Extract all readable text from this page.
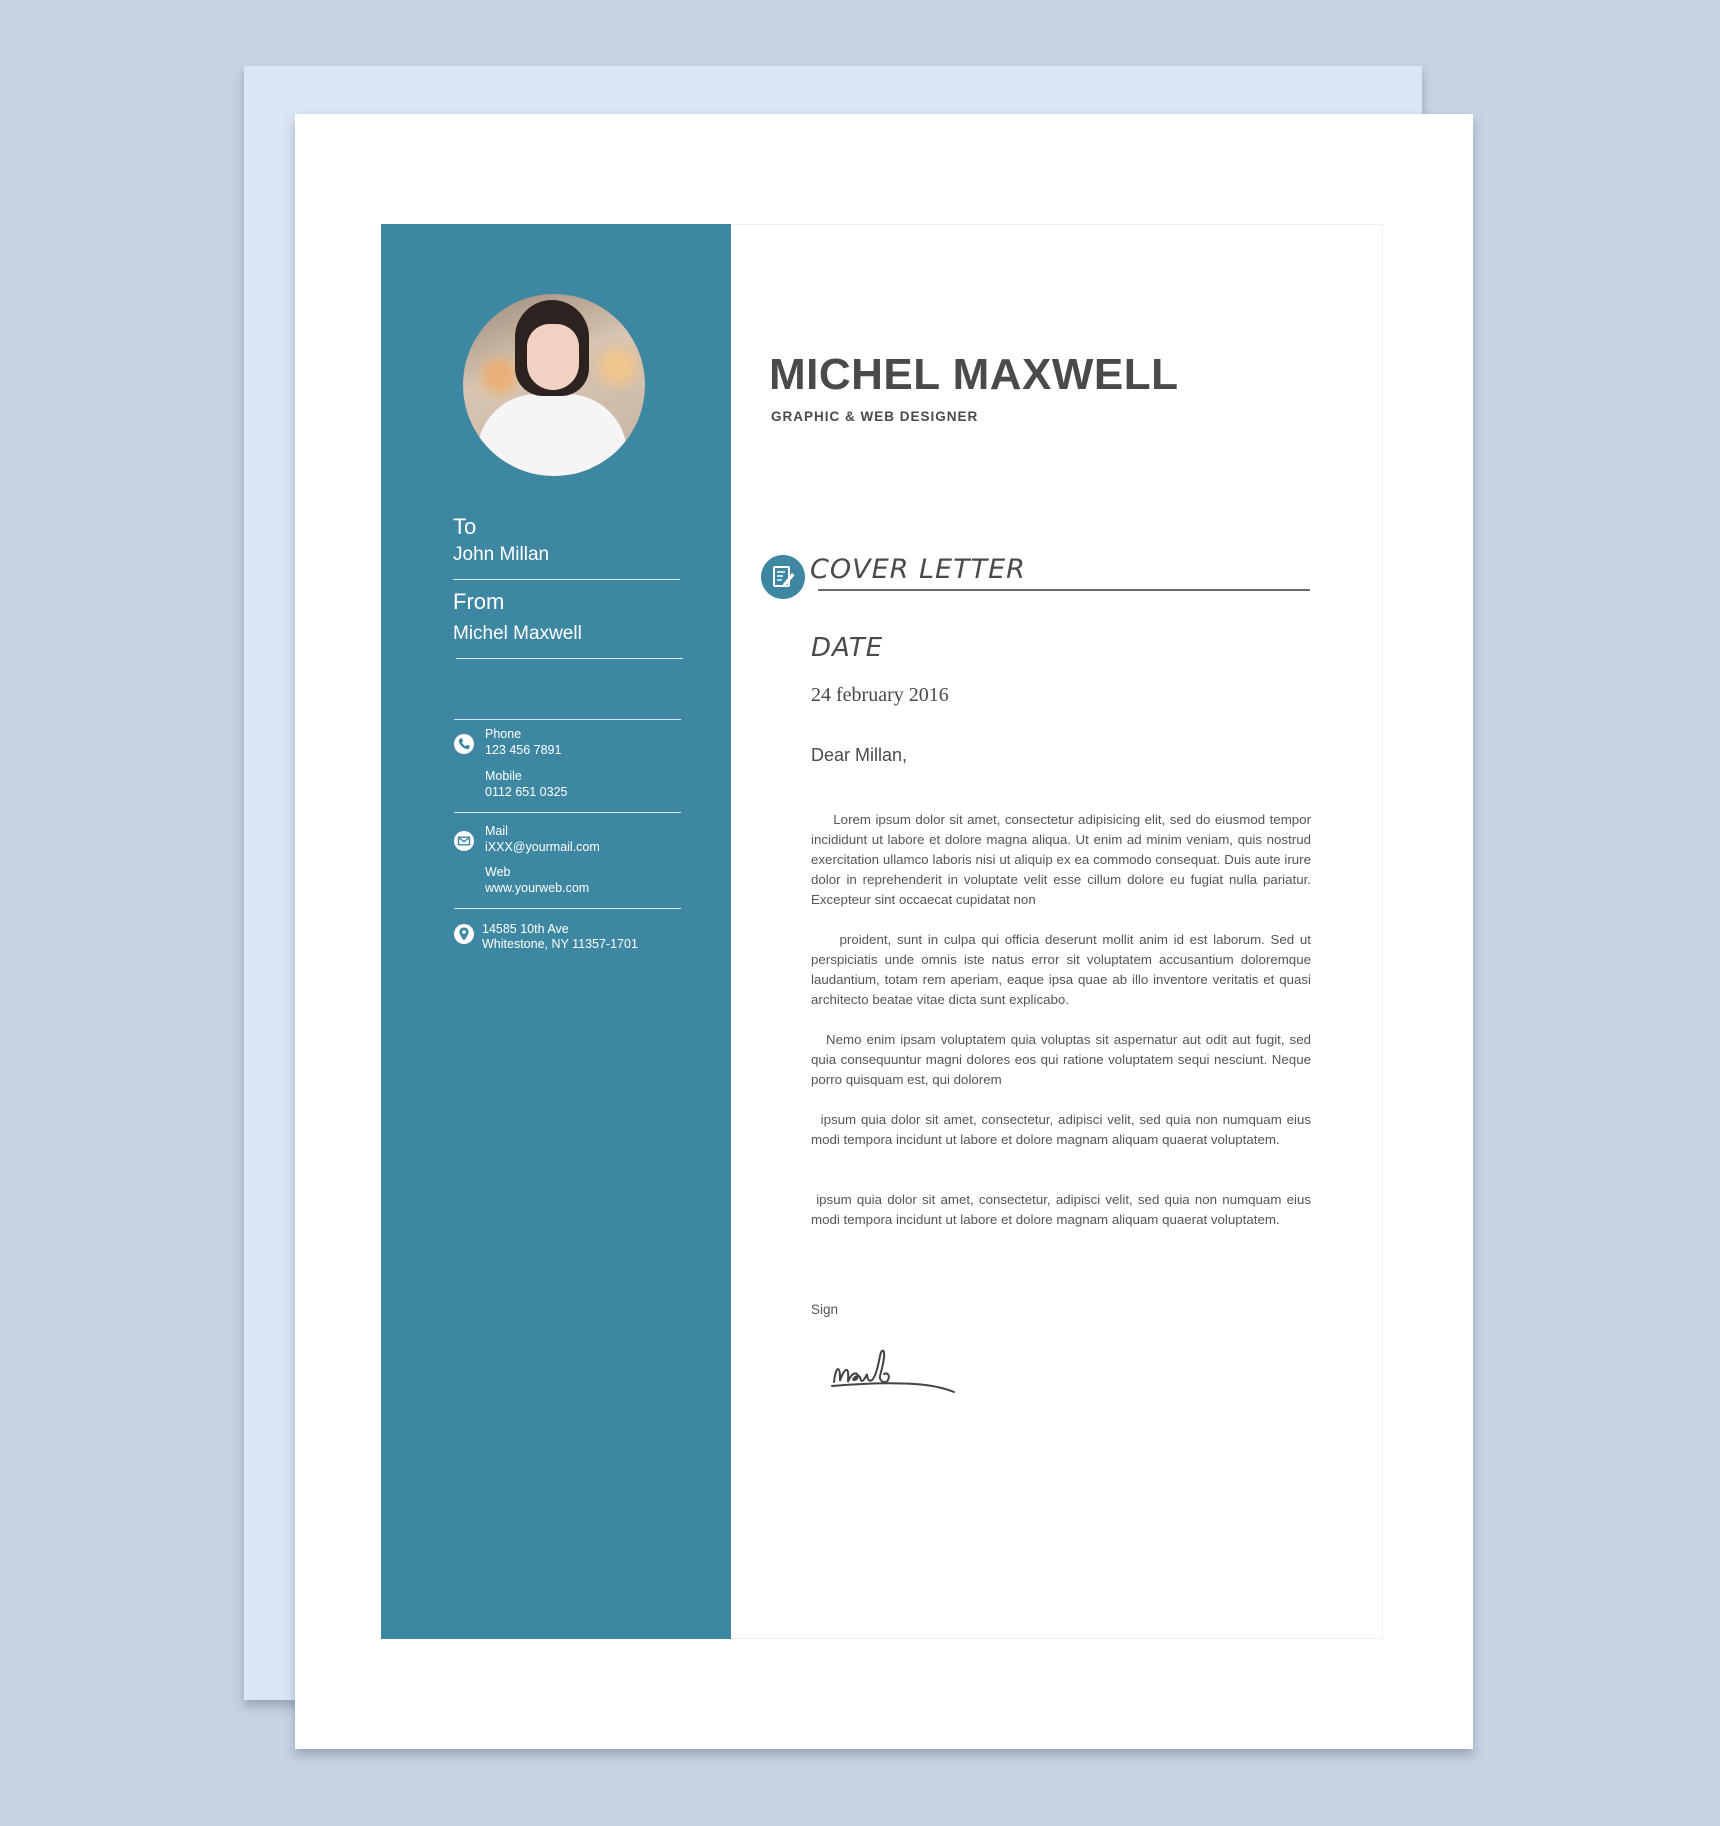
To
John Millan
From
Michel Maxwell
Phone
123 456 7891
Mobile
0112 651 0325
Mail
iXXX@yourmail.com
Web
www.yourweb.com
14585 10th Ave
Whitestone, NY 11357-1701
MICHEL MAXWELL
GRAPHIC & WEB DESIGNER
COVER LETTER
DATE
24 february 2016
Dear Millan,

Lorem ipsum dolor sit amet, consectetur adipisicing elit, sed do eiusmod tempor incididunt ut labore et dolore magna aliqua. Ut enim ad minim veniam, quis nostrud exercitation ullamco laboris nisi ut aliquip ex ea commodo consequat. Duis aute irure dolor in reprehenderit in voluptate velit esse cillum dolore eu fugiat nulla pariatur. Excepteur sint occaecat cupidatat non

proident, sunt in culpa qui officia deserunt mollit anim id est laborum. Sed ut perspiciatis unde omnis iste natus error sit voluptatem accusantium doloremque laudantium, totam rem aperiam, eaque ipsa quae ab illo inventore veritatis et quasi architecto beatae vitae dicta sunt explicabo.

Nemo enim ipsam voluptatem quia voluptas sit aspernatur aut odit aut fugit, sed quia consequuntur magni dolores eos qui ratione voluptatem sequi nesciunt. Neque porro quisquam est, qui dolorem

ipsum quia dolor sit amet, consectetur, adipisci velit, sed quia non numquam eius modi tempora incidunt ut labore et dolore magnam aliquam quaerat voluptatem.

ipsum quia dolor sit amet, consectetur, adipisci velit, sed quia non numquam eius modi tempora incidunt ut labore et dolore magnam aliquam quaerat voluptatem.

Sign
